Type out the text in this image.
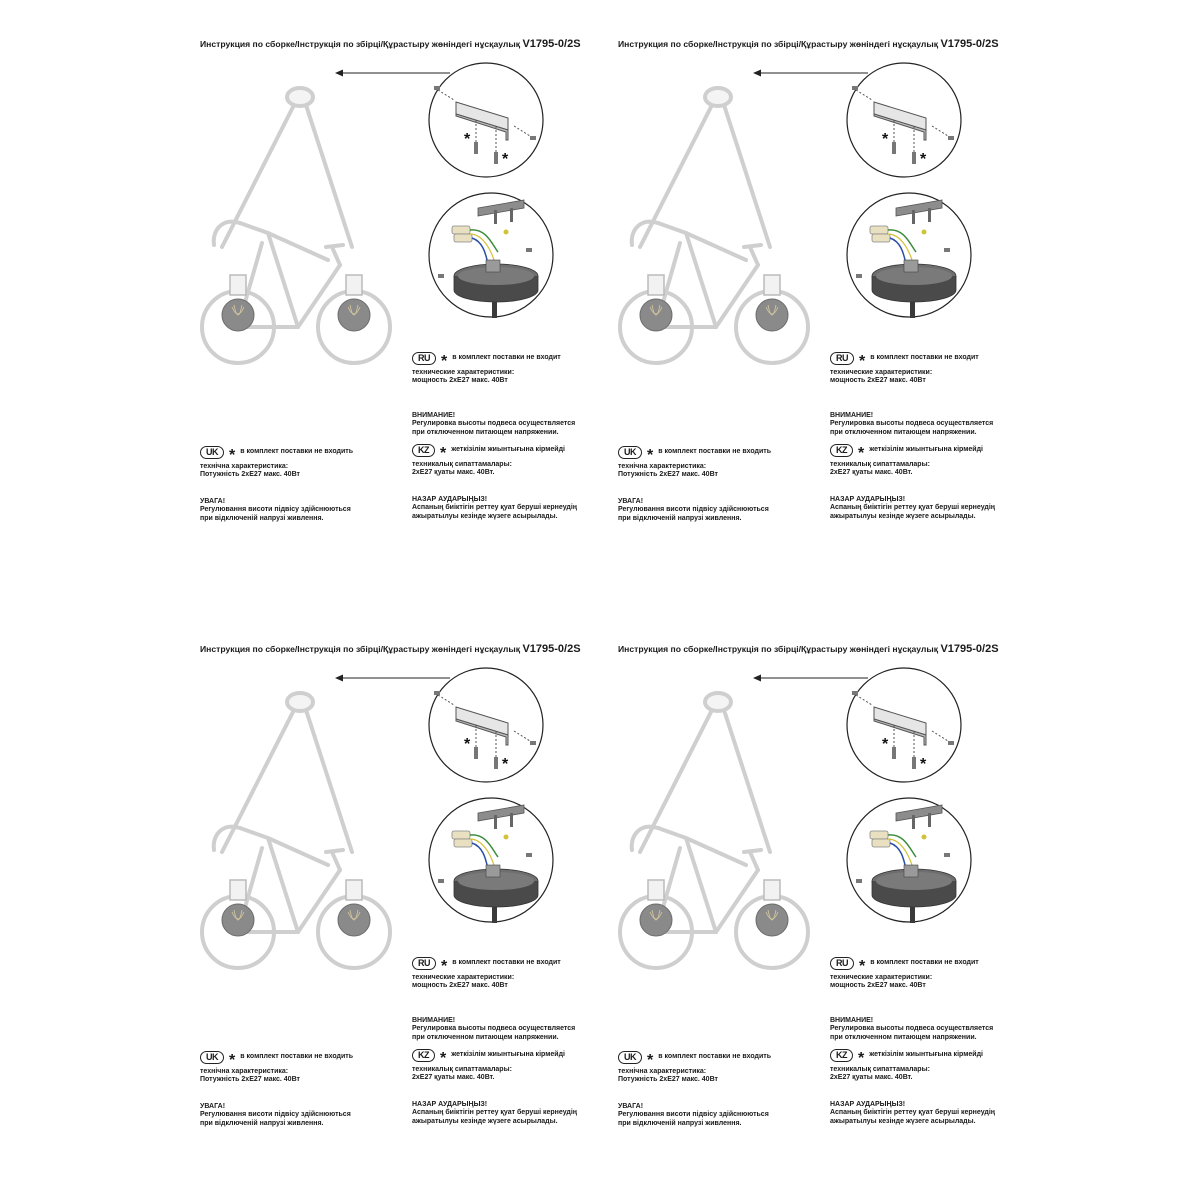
Инструкция по сборке/Інструкція по збірці/Құрастыру жөніндегі нұсқаулық V1795-0/2S
*
*
RU * в комплект поставки не входит

технические характеристики:

мощность 2хЕ27 макс. 40Вт

ВНИМАНИЕ!

Регулировка высоты подвеса осуществляется

при отключенном питающем напряжении.

UK * в комплект поставки не входить

технічна характеристика:

Потужність 2хЕ27 макс. 40Вт

УВАГА!

Регулювання висоти підвісу здійснюються

при відключеній напрузі живлення.

KZ * жеткізілім жиынтығына кірмейді

техникалық сипаттамалары:

2хЕ27 қуаты макс. 40Вт.

НАЗАР АУДАРЫҢЫЗ!

Аспаның биіктігін реттеу қуат беруші кернеудің

ажыратылуы кезінде жүзеге асырылады.

Инструкция по сборке/Інструкція по збірці/Құрастыру жөніндегі нұсқаулық V1795-0/2S
*
*
RU * в комплект поставки не входит

технические характеристики:

мощность 2хЕ27 макс. 40Вт

ВНИМАНИЕ!

Регулировка высоты подвеса осуществляется

при отключенном питающем напряжении.

UK * в комплект поставки не входить

технічна характеристика:

Потужність 2хЕ27 макс. 40Вт

УВАГА!

Регулювання висоти підвісу здійснюються

при відключеній напрузі живлення.

KZ * жеткізілім жиынтығына кірмейді

техникалық сипаттамалары:

2хЕ27 қуаты макс. 40Вт.

НАЗАР АУДАРЫҢЫЗ!

Аспаның биіктігін реттеу қуат беруші кернеудің

ажыратылуы кезінде жүзеге асырылады.

Инструкция по сборке/Інструкція по збірці/Құрастыру жөніндегі нұсқаулық V1795-0/2S
*
*
RU * в комплект поставки не входит

технические характеристики:

мощность 2хЕ27 макс. 40Вт

ВНИМАНИЕ!

Регулировка высоты подвеса осуществляется

при отключенном питающем напряжении.

UK * в комплект поставки не входить

технічна характеристика:

Потужність 2хЕ27 макс. 40Вт

УВАГА!

Регулювання висоти підвісу здійснюються

при відключеній напрузі живлення.

KZ * жеткізілім жиынтығына кірмейді

техникалық сипаттамалары:

2хЕ27 қуаты макс. 40Вт.

НАЗАР АУДАРЫҢЫЗ!

Аспаның биіктігін реттеу қуат беруші кернеудің

ажыратылуы кезінде жүзеге асырылады.

Инструкция по сборке/Інструкція по збірці/Құрастыру жөніндегі нұсқаулық V1795-0/2S
*
*
RU * в комплект поставки не входит

технические характеристики:

мощность 2хЕ27 макс. 40Вт

ВНИМАНИЕ!

Регулировка высоты подвеса осуществляется

при отключенном питающем напряжении.

UK * в комплект поставки не входить

технічна характеристика:

Потужність 2хЕ27 макс. 40Вт

УВАГА!

Регулювання висоти підвісу здійснюються

при відключеній напрузі живлення.

KZ * жеткізілім жиынтығына кірмейді

техникалық сипаттамалары:

2хЕ27 қуаты макс. 40Вт.

НАЗАР АУДАРЫҢЫЗ!

Аспаның биіктігін реттеу қуат беруші кернеудің

ажыратылуы кезінде жүзеге асырылады.
